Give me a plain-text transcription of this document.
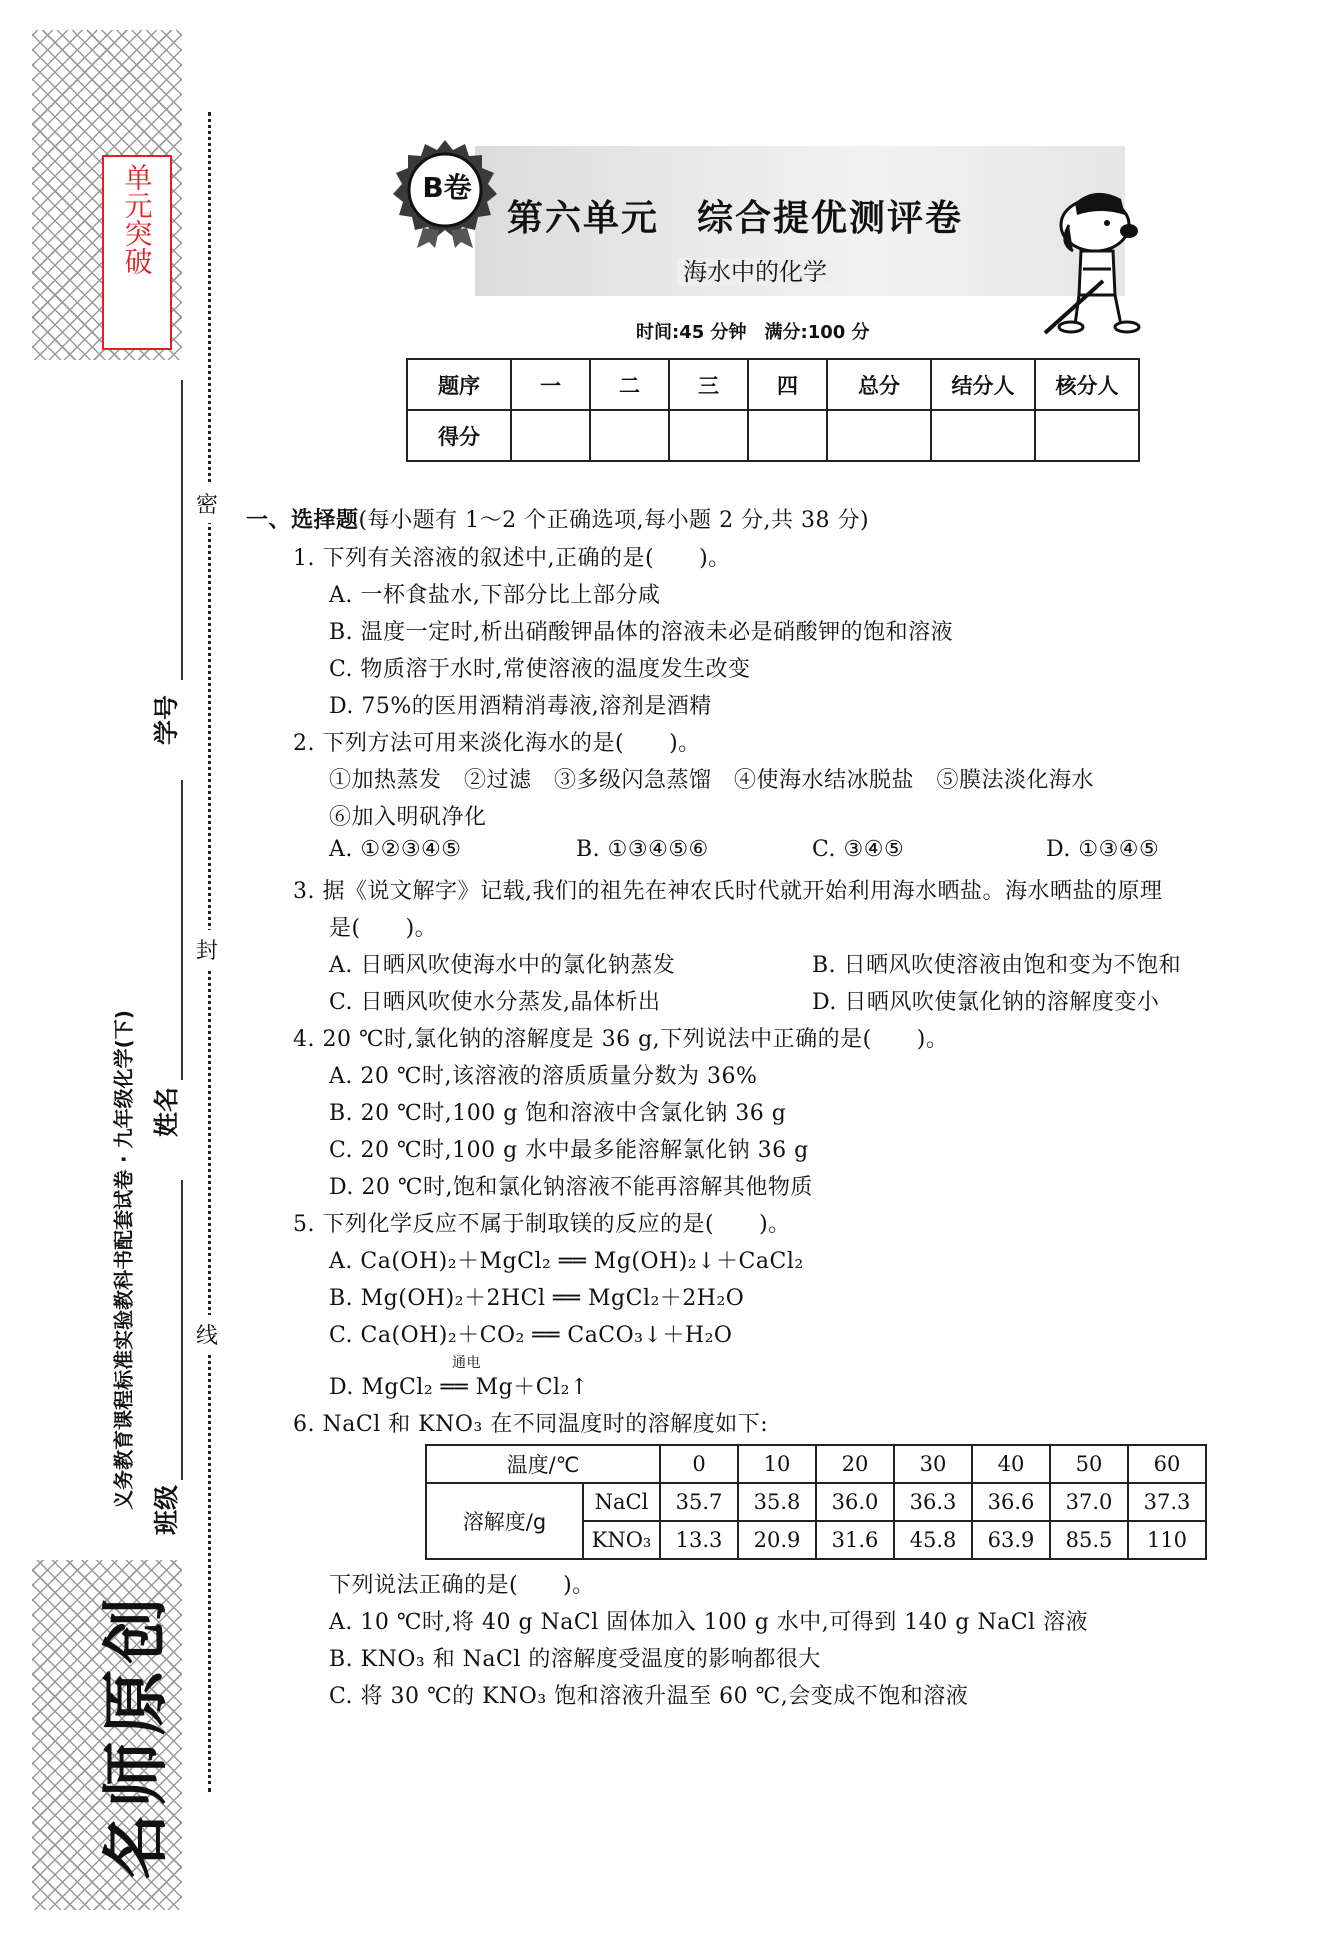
单元突破
名师原创
义务教育课程标准实验教科书配套试卷 · 九年级化学(下)
学号
姓名
班级
密
封
线
B卷
第六单元　综合提优测评卷
海水中的化学
时间:45 分钟　满分:100 分
题序	一	二	三	四	总分	结分人	核分人
得分							
一、选择题(每小题有 1～2 个正确选项,每小题 2 分,共 38 分)
1. 下列有关溶液的叙述中,正确的是(　　)。
A. 一杯食盐水,下部分比上部分咸
B. 温度一定时,析出硝酸钾晶体的溶液未必是硝酸钾的饱和溶液
C. 物质溶于水时,常使溶液的温度发生改变
D. 75%的医用酒精消毒液,溶剂是酒精
2. 下列方法可用来淡化海水的是(　　)。
①加热蒸发　②过滤　③多级闪急蒸馏　④使海水结冰脱盐　⑤膜法淡化海水
⑥加入明矾净化
A. ①②③④⑤	B. ①③④⑤⑥	C. ③④⑤	D. ①③④⑤
3. 据《说文解字》记载,我们的祖先在神农氏时代就开始利用海水晒盐。海水晒盐的原理
是(　　)。
A. 日晒风吹使海水中的氯化钠蒸发	B. 日晒风吹使溶液由饱和变为不饱和
C. 日晒风吹使水分蒸发,晶体析出	D. 日晒风吹使氯化钠的溶解度变小
4. 20 ℃时,氯化钠的溶解度是 36 g,下列说法中正确的是(　　)。
A. 20 ℃时,该溶液的溶质质量分数为 36%
B. 20 ℃时,100 g 饱和溶液中含氯化钠 36 g
C. 20 ℃时,100 g 水中最多能溶解氯化钠 36 g
D. 20 ℃时,饱和氯化钠溶液不能再溶解其他物质
5. 下列化学反应不属于制取镁的反应的是(　　)。
A. Ca(OH)₂＋MgCl₂ ══ Mg(OH)₂↓＋CaCl₂
B. Mg(OH)₂＋2HCl ══ MgCl₂＋2H₂O
C. Ca(OH)₂＋CO₂ ══ CaCO₃↓＋H₂O
通电
D. MgCl₂ ══ Mg＋Cl₂↑
6. NaCl 和 KNO₃ 在不同温度时的溶解度如下:
温度/℃		0	10	20	30	40	50	60
溶解度/g	NaCl	35.7	35.8	36.0	36.3	36.6	37.0	37.3
	KNO₃	13.3	20.9	31.6	45.8	63.9	85.5	110
下列说法正确的是(　　)。
A. 10 ℃时,将 40 g NaCl 固体加入 100 g 水中,可得到 140 g NaCl 溶液
B. KNO₃ 和 NaCl 的溶解度受温度的影响都很大
C. 将 30 ℃的 KNO₃ 饱和溶液升温至 60 ℃,会变成不饱和溶液
